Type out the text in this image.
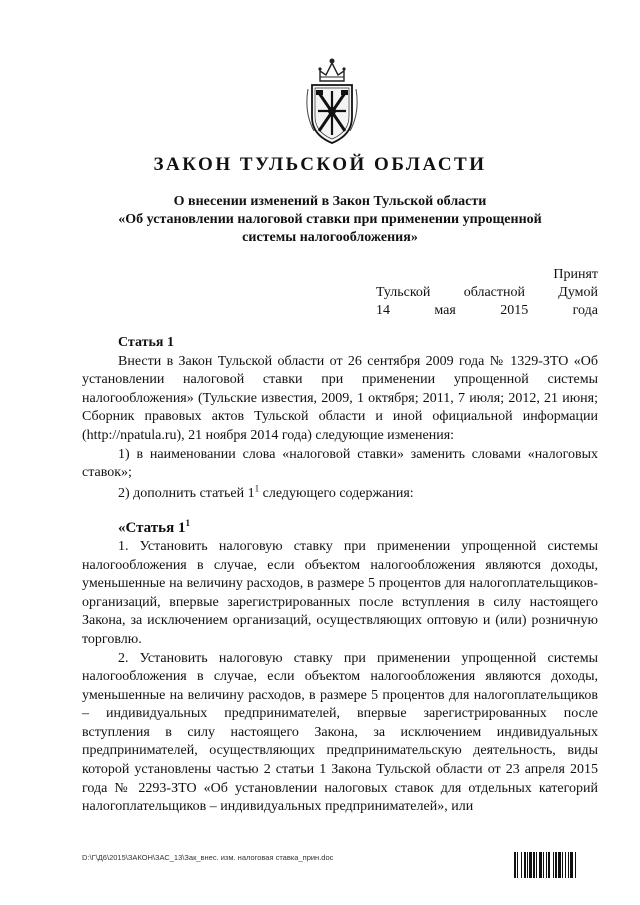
ЗАКОН ТУЛЬСКОЙ ОБЛАСТИ
О внесении изменений в Закон Тульской области
«Об установлении налоговой ставки при применении упрощенной
системы налогообложения»
Принят
Тульской областной Думой
14	мая	2015	года

Статья 1

Внести в Закон Тульской области от 26 сентября 2009 года № 1329-ЗТО «Об установлении налоговой ставки при применении упрощенной системы налогообложения» (Тульские известия, 2009, 1 октября; 2011, 7 июля; 2012, 21 июня; Сборник правовых актов Тульской области и иной официальной информации (http://npatula.ru), 21 ноября 2014 года) следующие изменения:

1) в наименовании слова «налоговой ставки» заменить словами «налоговых ставок»;

2) дополнить статьей $1^1$ следующего содержания:

«Статья $1^1$

1. Установить налоговую ставку при применении упрощенной системы налогообложения в случае, если объектом налогообложения являются доходы, уменьшенные на величину расходов, в размере 5 процентов для налогоплательщиков-организаций, впервые зарегистрированных после вступления в силу настоящего Закона, за исключением организаций, осуществляющих оптовую и (или) розничную торговлю.

2. Установить налоговую ставку при применении упрощенной системы налогообложения в случае, если объектом налогообложения являются доходы, уменьшенные на величину расходов, в размере 5 процентов для налогоплательщиков – индивидуальных предпринимателей, впервые зарегистрированных после вступления в силу настоящего Закона, за исключением индивидуальных предпринимателей, осуществляющих предпринимательскую деятельность, виды которой установлены частью 2 статьи 1 Закона Тульской области от 23 апреля 2015 года № 2293-ЗТО «Об установлении налоговых ставок для отдельных категорий налогоплательщиков – индивидуальных предпринимателей», или

D:\Г\Д6\2015\ЗАКОН\ЗАС_13\Зак_внес. изм. налоговая ставка_прин.doc
